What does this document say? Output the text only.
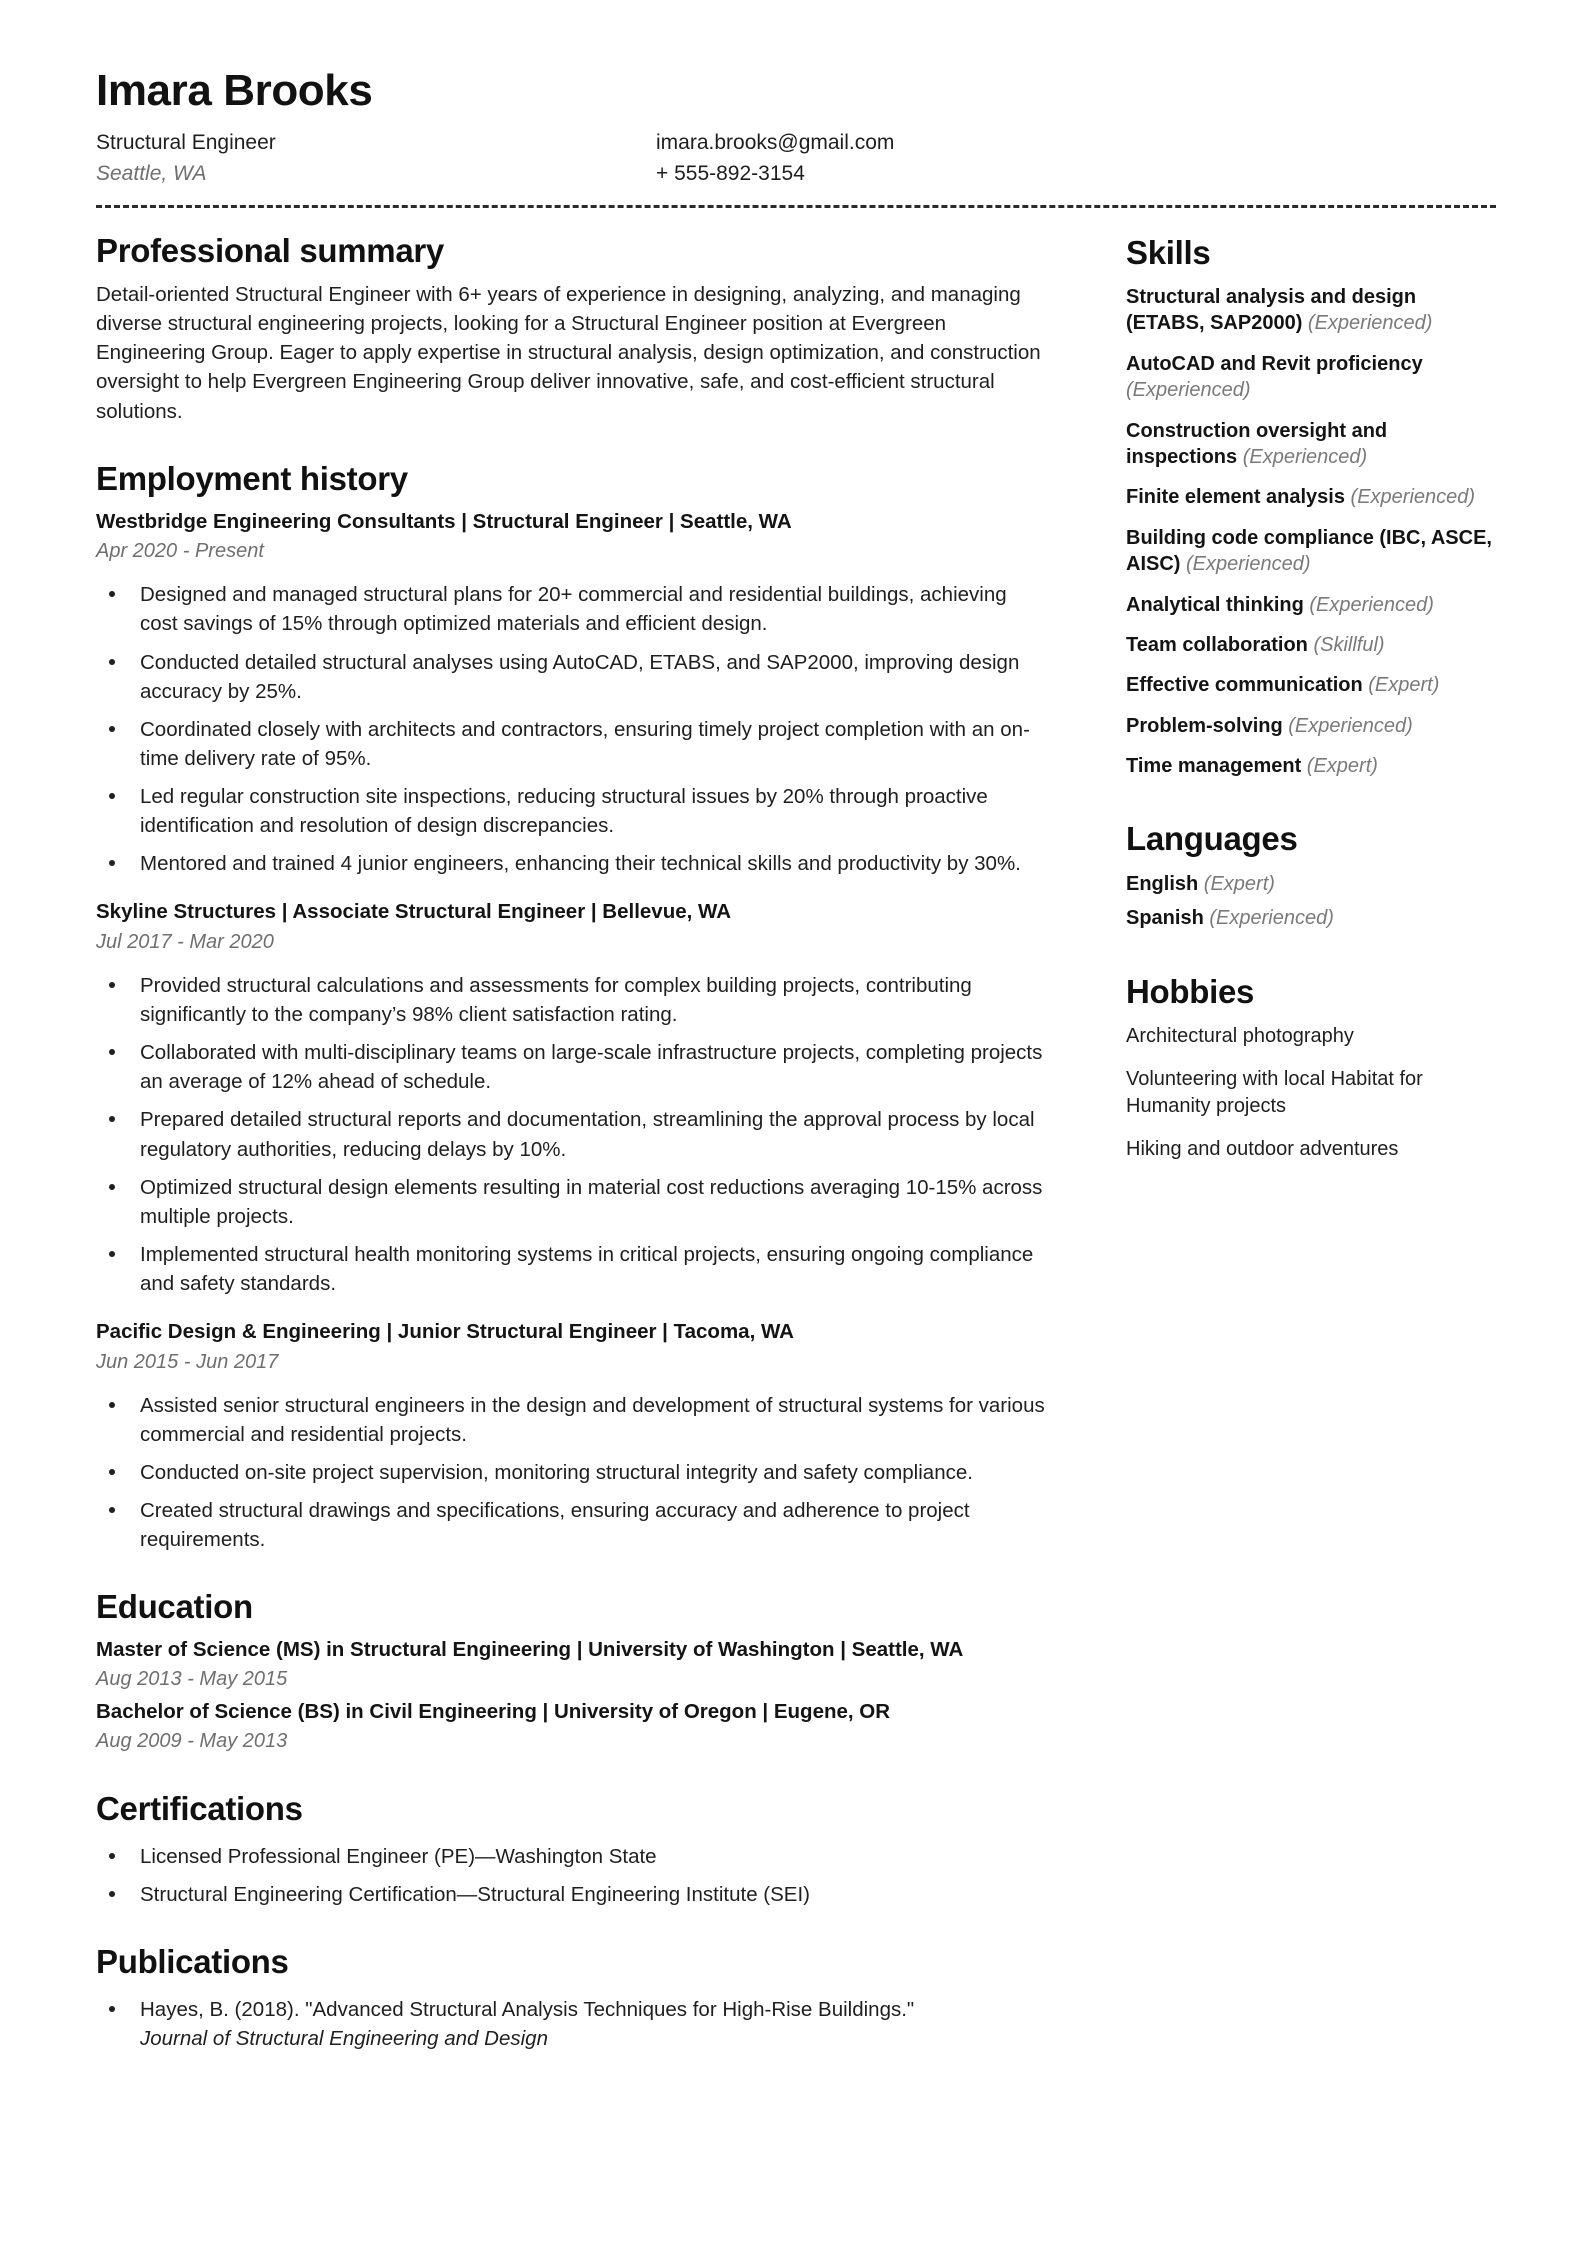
Imara Brooks
Structural Engineer
Seattle, WA
imara.brooks@gmail.com
+ 555-892-3154
Professional summary

Detail-oriented Structural Engineer with 6+ years of experience in designing, analyzing, and managing diverse structural engineering projects, looking for a Structural Engineer position at Evergreen Engineering Group. Eager to apply expertise in structural analysis, design optimization, and construction oversight to help Evergreen Engineering Group deliver innovative, safe, and cost-efficient structural solutions.

Employment history
Westbridge Engineering Consultants | Structural Engineer | Seattle, WA
Apr 2020 - Present
Designed and managed structural plans for 20+ commercial and residential buildings, achieving cost savings of 15% through optimized materials and efficient design.
Conducted detailed structural analyses using AutoCAD, ETABS, and SAP2000, improving design accuracy by 25%.
Coordinated closely with architects and contractors, ensuring timely project completion with an on-time delivery rate of 95%.
Led regular construction site inspections, reducing structural issues by 20% through proactive identification and resolution of design discrepancies.
Mentored and trained 4 junior engineers, enhancing their technical skills and productivity by 30%.
Skyline Structures | Associate Structural Engineer | Bellevue, WA
Jul 2017 - Mar 2020
Provided structural calculations and assessments for complex building projects, contributing significantly to the company’s 98% client satisfaction rating.
Collaborated with multi-disciplinary teams on large-scale infrastructure projects, completing projects an average of 12% ahead of schedule.
Prepared detailed structural reports and documentation, streamlining the approval process by local regulatory authorities, reducing delays by 10%.
Optimized structural design elements resulting in material cost reductions averaging 10-15% across multiple projects.
Implemented structural health monitoring systems in critical projects, ensuring ongoing compliance and safety standards.
Pacific Design & Engineering | Junior Structural Engineer | Tacoma, WA
Jun 2015 - Jun 2017
Assisted senior structural engineers in the design and development of structural systems for various commercial and residential projects.
Conducted on-site project supervision, monitoring structural integrity and safety compliance.
Created structural drawings and specifications, ensuring accuracy and adherence to project requirements.
Education
Master of Science (MS) in Structural Engineering | University of Washington | Seattle, WA
Aug 2013 - May 2015
Bachelor of Science (BS) in Civil Engineering | University of Oregon | Eugene, OR
Aug 2009 - May 2013
Certifications
Licensed Professional Engineer (PE)—Washington State
Structural Engineering Certification—Structural Engineering Institute (SEI)
Publications
Hayes, B. (2018). "Advanced Structural Analysis Techniques for High-Rise Buildings."
Journal of Structural Engineering and Design
Skills
Structural analysis and design (ETABS, SAP2000) (Experienced)
AutoCAD and Revit proficiency (Experienced)
Construction oversight and inspections (Experienced)
Finite element analysis (Experienced)
Building code compliance (IBC, ASCE, AISC) (Experienced)
Analytical thinking (Experienced)
Team collaboration (Skillful)
Effective communication (Expert)
Problem-solving (Experienced)
Time management (Expert)
Languages
English (Expert)
Spanish (Experienced)
Hobbies
Architectural photography
Volunteering with local Habitat for Humanity projects
Hiking and outdoor adventures
